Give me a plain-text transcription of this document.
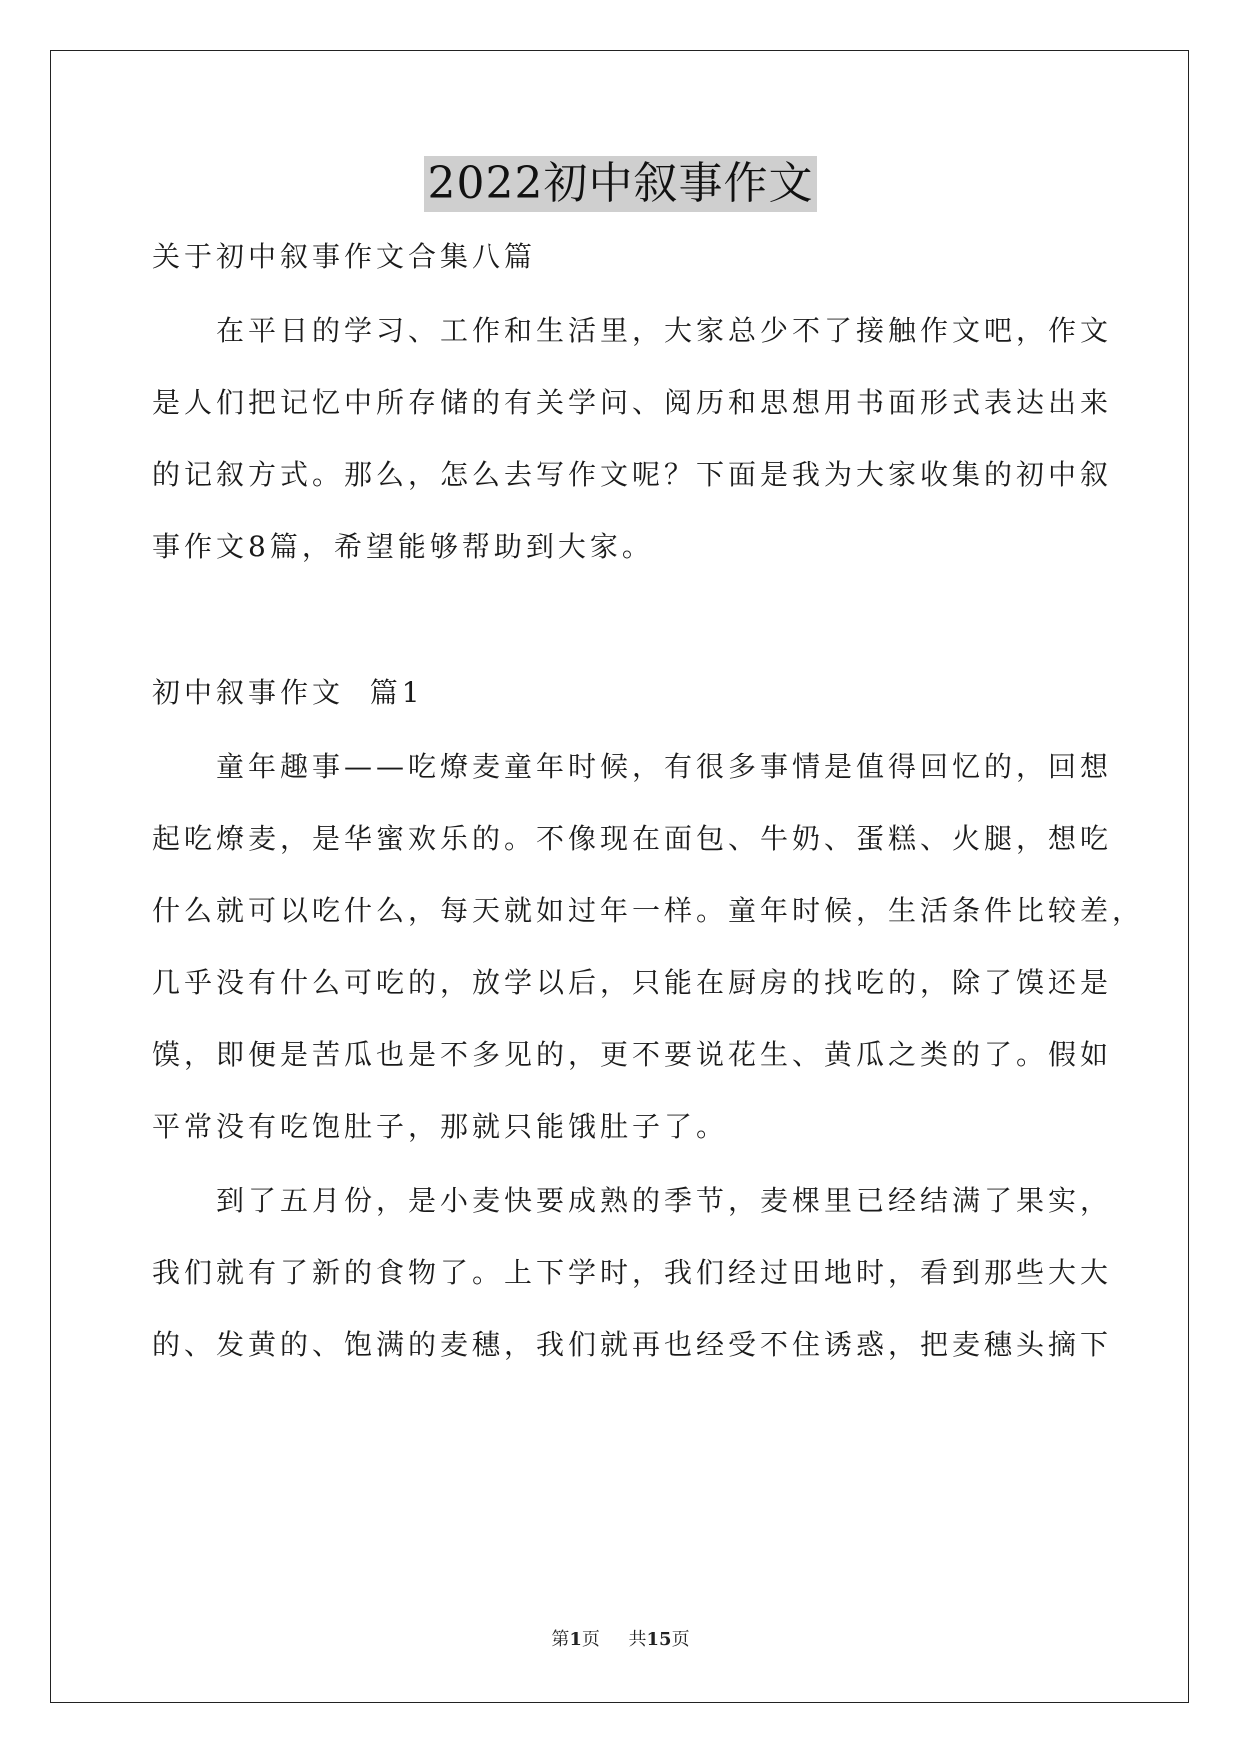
2022初中叙事作文
关于初中叙事作文合集八篇
在平日的学习、工作和生活里，大家总少不了接触作文吧，作文
是人们把记忆中所存储的有关学问、阅历和思想用书面形式表达出来
的记叙方式。那么，怎么去写作文呢？下面是我为大家收集的初中叙
事作文8篇，希望能够帮助到大家。
初中叙事作文  篇1
童年趣事——吃燎麦童年时候，有很多事情是值得回忆的，回想
起吃燎麦，是华蜜欢乐的。不像现在面包、牛奶、蛋糕、火腿，想吃
什么就可以吃什么，每天就如过年一样。童年时候，生活条件比较差，
几乎没有什么可吃的，放学以后，只能在厨房的找吃的，除了馍还是
馍，即便是苦瓜也是不多见的，更不要说花生、黄瓜之类的了。假如
平常没有吃饱肚子，那就只能饿肚子了。
到了五月份，是小麦快要成熟的季节，麦棵里已经结满了果实，
我们就有了新的食物了。上下学时，我们经过田地时，看到那些大大
的、发黄的、饱满的麦穗，我们就再也经受不住诱惑，把麦穗头摘下
第1页 共15页
